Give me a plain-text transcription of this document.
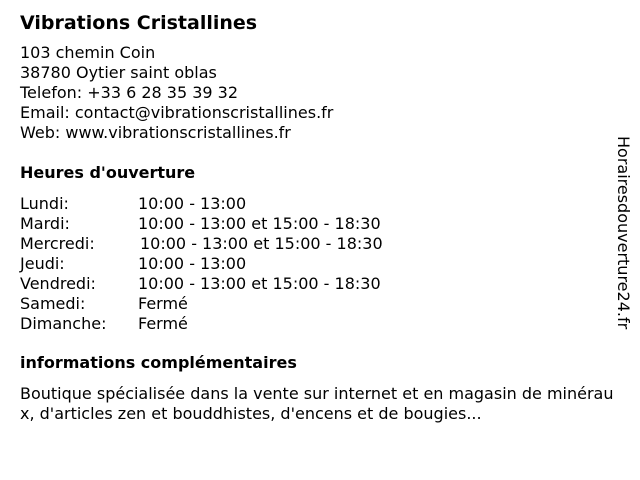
Vibrations Cristallines
103 chemin Coin
38780 Oytier saint oblas
Telefon: +33 6 28 35 39 32
Email: contact@vibrationscristallines.fr
Web: www.vibrationscristallines.fr
Heures d'ouverture
Lundi:	10:00 - 13:00
Mardi:	10:00 - 13:00 et 15:00 - 18:30
Mercredi:	10:00 - 13:00 et 15:00 - 18:30
Jeudi:	10:00 - 13:00
Vendredi:	10:00 - 13:00 et 15:00 - 18:30
Samedi:	Fermé
Dimanche: Fermé
informations complémentaires
Boutique spécialisée dans la vente sur internet et en magasin de minéraux, d'articles zen et bouddhistes, d'encens et de bougies...
Horairesdouverture24.fr
